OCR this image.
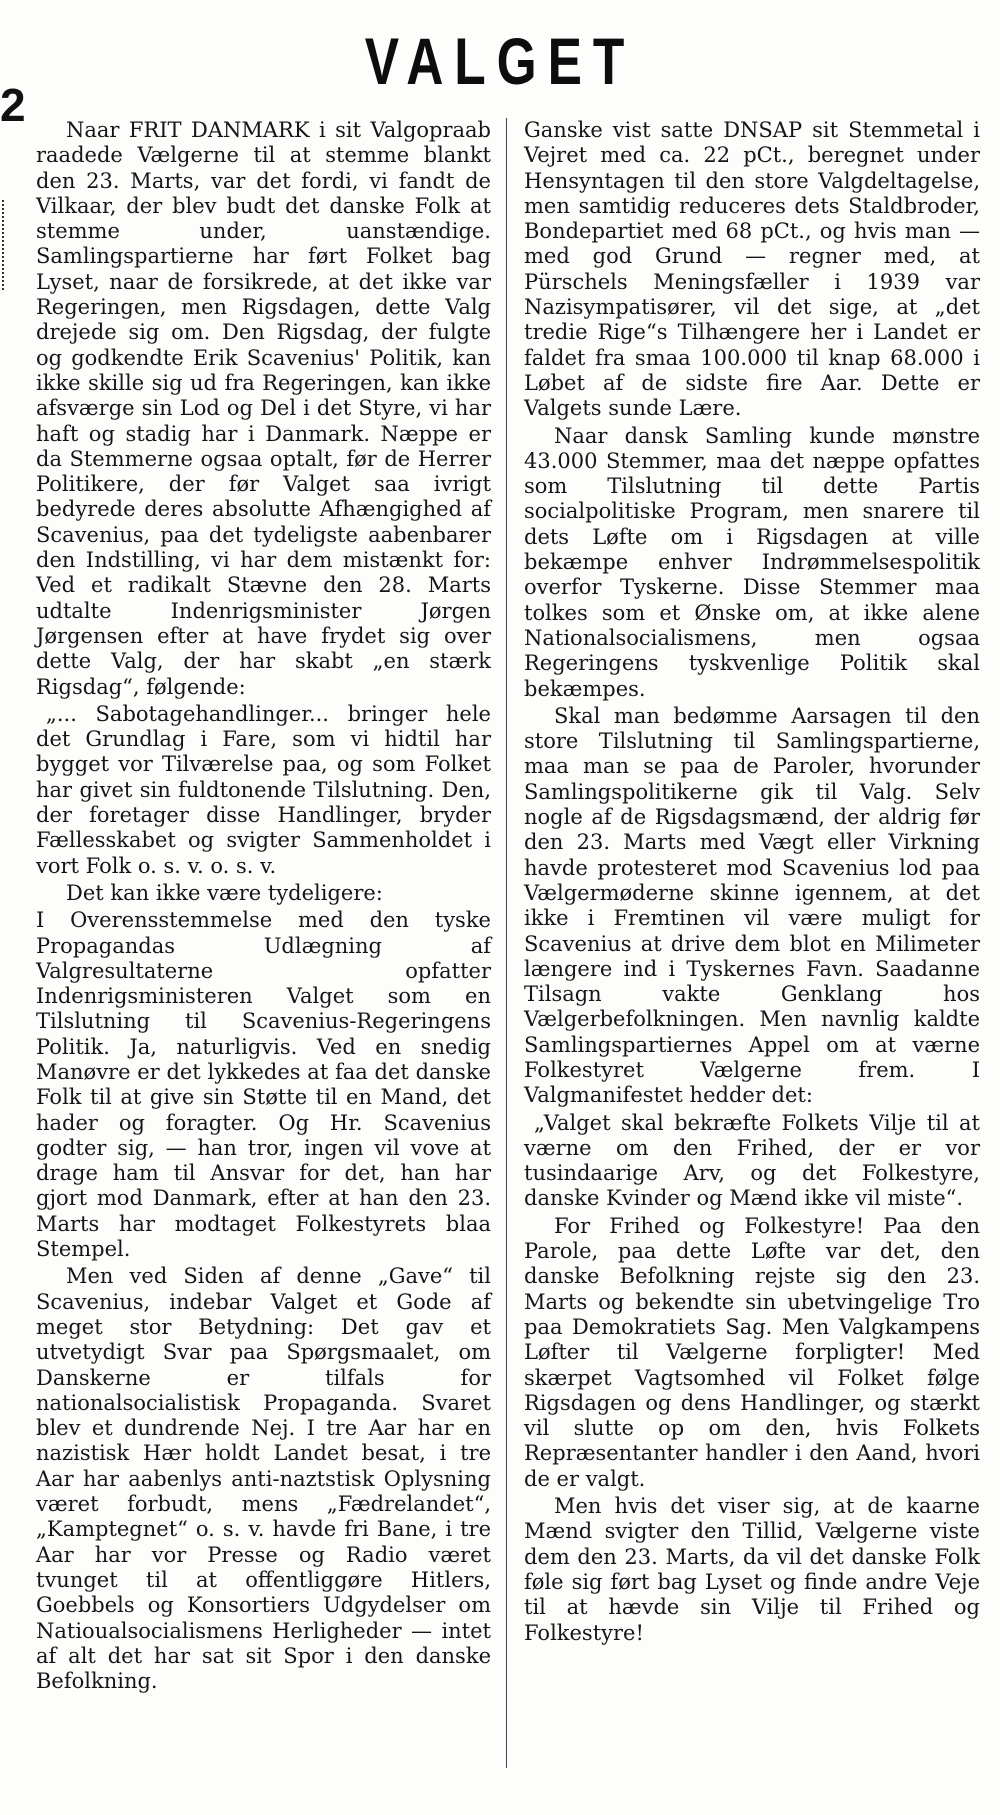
2
VALGET

Naar FRIT DANMARK i sit Valgopraab raadede Vælgerne til at stemme blankt den 23. Marts, var det fordi, vi fandt de Vilkaar, der blev budt det danske Folk at stemme under, uanstændige. Samlingspartierne har ført Folket bag Lyset, naar de forsikrede, at det ikke var Regeringen, men Rigsdagen, dette Valg drejede sig om. Den Rigsdag, der fulgte og godkendte Erik Scavenius' Politik, kan ikke skille sig ud fra Regeringen, kan ikke afsværge sin Lod og Del i det Styre, vi har haft og stadig har i Danmark. Næppe er da Stemmerne ogsaa optalt, før de Herrer Politikere, der før Valget saa ivrigt bedyrede deres absolutte Afhængighed af Scavenius, paa det tydeligste aabenbarer den Indstilling, vi har dem mistænkt for: Ved et radikalt Stævne den 28. Marts udtalte Indenrigsminister Jørgen Jørgensen efter at have frydet sig over dette Valg, der har skabt „en stærk Rigsdag“, følgende:

„... Sabotagehandlinger... bringer hele det Grundlag i Fare, som vi hidtil har bygget vor Tilværelse paa, og som Folket har givet sin fuldtonende Tilslutning. Den, der foretager disse Handlinger, bryder Fællesskabet og svigter Sammenholdet i vort Folk o. s. v. o. s. v.

Det kan ikke være tydeligere:

I Overensstemmelse med den tyske Propagandas Udlægning af Valgresultaterne opfatter Indenrigsministeren Valget som en Tilslutning til Scavenius-Regeringens Politik. Ja, naturligvis. Ved en snedig Manøvre er det lykkedes at faa det danske Folk til at give sin Støtte til en Mand, det hader og foragter. Og Hr. Scavenius godter sig, — han tror, ingen vil vove at drage ham til Ansvar for det, han har gjort mod Danmark, efter at han den 23. Marts har modtaget Folkestyrets blaa Stempel.

Men ved Siden af denne „Gave“ til Scavenius, indebar Valget et Gode af meget stor Betydning: Det gav et utvetydigt Svar paa Spørgsmaalet, om Danskerne er tilfals for nationalsocialistisk Propaganda. Svaret blev et dundrende Nej. I tre Aar har en nazistisk Hær holdt Landet besat, i tre Aar har aabenlys anti-naztstisk Oplysning været forbudt, mens „Fædrelandet“, „Kamptegnet“ o. s. v. havde fri Bane, i tre Aar har vor Presse og Radio været tvunget til at offentliggøre Hitlers, Goebbels og Konsortiers Udgydelser om Natioualsocialismens Herligheder — intet af alt det har sat sit Spor i den danske Befolkning.

Ganske vist satte DNSAP sit Stemmetal i Vejret med ca. 22 pCt., beregnet under Hensyntagen til den store Valgdeltagelse, men samtidig reduceres dets Staldbroder, Bondepartiet med 68 pCt., og hvis man — med god Grund — regner med, at Pürschels Meningsfæller i 1939 var Nazisympatisører, vil det sige, at „det tredie Rige“s Tilhængere her i Landet er faldet fra smaa 100.000 til knap 68.000 i Løbet af de sidste fire Aar. Dette er Valgets sunde Lære.

Naar dansk Samling kunde mønstre 43.000 Stemmer, maa det næppe opfattes som Tilslutning til dette Partis socialpolitiske Program, men snarere til dets Løfte om i Rigsdagen at ville bekæmpe enhver Indrømmelsespolitik overfor Tyskerne. Disse Stemmer maa tolkes som et Ønske om, at ikke alene Nationalsocialismens, men ogsaa Regeringens tyskvenlige Politik skal bekæmpes.

Skal man bedømme Aarsagen til den store Tilslutning til Samlingspartierne, maa man se paa de Paroler, hvorunder Samlingspolitikerne gik til Valg. Selv nogle af de Rigsdagsmænd, der aldrig før den 23. Marts med Vægt eller Virkning havde protesteret mod Scavenius lod paa Vælgermøderne skinne igennem, at det ikke i Fremtinen vil være muligt for Scavenius at drive dem blot en Milimeter længere ind i Tyskernes Favn. Saadanne Tilsagn vakte Genklang hos Vælgerbefolkningen. Men navnlig kaldte Samlingspartiernes Appel om at værne Folkestyret Vælgerne frem. I Valgmanifestet hedder det:

„Valget skal bekræfte Folkets Vilje til at værne om den Frihed, der er vor tusindaarige Arv, og det Folkestyre, danske Kvinder og Mænd ikke vil miste“.

For Frihed og Folkestyre! Paa den Parole, paa dette Løfte var det, den danske Befolkning rejste sig den 23. Marts og bekendte sin ubetvingelige Tro paa Demokratiets Sag. Men Valgkampens Løfter til Vælgerne forpligter! Med skærpet Vagtsomhed vil Folket følge Rigsdagen og dens Handlinger, og stærkt vil slutte op om den, hvis Folkets Repræsentanter handler i den Aand, hvori de er valgt.

Men hvis det viser sig, at de kaarne Mænd svigter den Tillid, Vælgerne viste dem den 23. Marts, da vil det danske Folk føle sig ført bag Lyset og finde andre Veje til at hævde sin Vilje til Frihed og Folkestyre!
